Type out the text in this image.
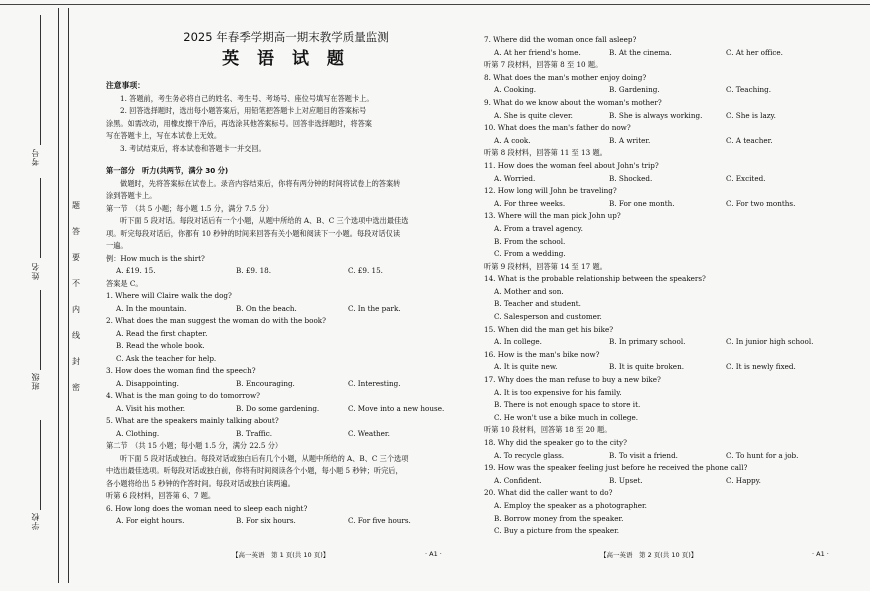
考号
姓名
班级
学校
题
答
要
不
内
线
封
密
2025 年春季学期高一期末教学质量监测
英 语 试 题
注意事项：
1. 答题前，考生务必将自己的姓名、考生号、考场号、座位号填写在答题卡上。
2. 回答选择题时，选出每小题答案后，用铅笔把答题卡上对应题目的答案标号
涂黑。如需改动，用橡皮擦干净后，再选涂其他答案标号。回答非选择题时，将答案
写在答题卡上，写在本试卷上无效。
3. 考试结束后，将本试卷和答题卡一并交回。
第一部分　听力(共两节，满分 30 分)
做题时，先将答案标在试卷上。录音内容结束后，你将有两分钟的时间将试卷上的答案转
涂到答题卡上。
第一节　（共 5 小题；每小题 1.5 分，满分 7.5 分）
听下面 5 段对话。每段对话后有一个小题，从题中所给的 A、B、C 三个选项中选出最佳选
项。听完每段对话后，你都有 10 秒钟的时间来回答有关小题和阅读下一小题。每段对话仅读
一遍。
例：How much is the shirt?
A. £19. 15.	B. £9. 18.	C. £9. 15.
答案是 C。
1. Where will Claire walk the dog?
A. In the mountain.	B. On the beach.	C. In the park.
2. What does the man suggest the woman do with the book?
A. Read the first chapter.
B. Read the whole book.
C. Ask the teacher for help.
3. How does the woman find the speech?
A. Disappointing.	B. Encouraging.	C. Interesting.
4. What is the man going to do tomorrow?
A. Visit his mother.	B. Do some gardening.	C. Move into a new house.
5. What are the speakers mainly talking about?
A. Clothing.	B. Traffic.	C. Weather.
第二节　（共 15 小题；每小题 1.5 分，满分 22.5 分）
听下面 5 段对话或独白。每段对话或独白后有几个小题，从题中所给的 A、B、C 三个选项
中选出最佳选项。听每段对话或独白前，你将有时间阅读各个小题，每小题 5 秒钟；听完后，
各小题将给出 5 秒钟的作答时间。每段对话或独白读两遍。
听第 6 段材料，回答第 6、7 题。
6. How long does the woman need to sleep each night?
A. For eight hours.	B. For six hours.	C. For five hours.
【高一英语　第 1 页(共 10 页)】	· A1 ·
7. Where did the woman once fall asleep?
A. At her friend's home.	B. At the cinema.	C. At her office.
听第 7 段材料，回答第 8 至 10 题。
8. What does the man's mother enjoy doing?
A. Cooking.	B. Gardening.	C. Teaching.
9. What do we know about the woman's mother?
A. She is quite clever.	B. She is always working.	C. She is lazy.
10. What does the man's father do now?
A. A cook.	B. A writer.	C. A teacher.
听第 8 段材料，回答第 11 至 13 题。
11. How does the woman feel about John's trip?
A. Worried.	B. Shocked.	C. Excited.
12. How long will John be traveling?
A. For three weeks.	B. For one month.	C. For two months.
13. Where will the man pick John up?
A. From a travel agency.
B. From the school.
C. From a wedding.
听第 9 段材料，回答第 14 至 17 题。
14. What is the probable relationship between the speakers?
A. Mother and son.
B. Teacher and student.
C. Salesperson and customer.
15. When did the man get his bike?
A. In college.	B. In primary school.	C. In junior high school.
16. How is the man's bike now?
A. It is quite new.	B. It is quite broken.	C. It is newly fixed.
17. Why does the man refuse to buy a new bike?
A. It is too expensive for his family.
B. There is not enough space to store it.
C. He won't use a bike much in college.
听第 10 段材料，回答第 18 至 20 题。
18. Why did the speaker go to the city?
A. To recycle glass.	B. To visit a friend.	C. To hunt for a job.
19. How was the speaker feeling just before he received the phone call?
A. Confident.	B. Upset.	C. Happy.
20. What did the caller want to do?
A. Employ the speaker as a photographer.
B. Borrow money from the speaker.
C. Buy a picture from the speaker.
【高一英语　第 2 页(共 10 页)】	· A1 ·
